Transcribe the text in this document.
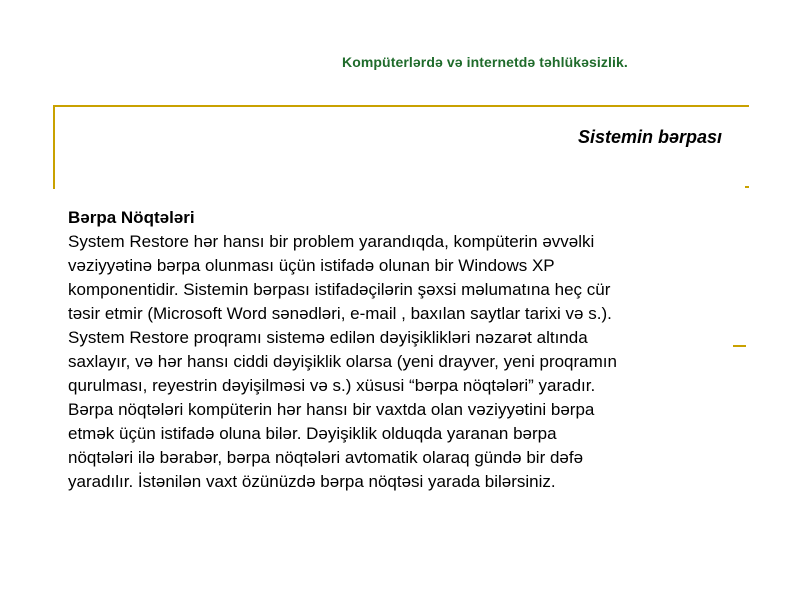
Kompüterlərdə və internetdə təhlükəsizlik.
Sistemin bərpası
Bərpa Nöqtələri
System Restore hər hansı bir problem yarandıqda, kompüterin əvvəlki
vəziyyətinə bərpa olunması üçün istifadə olunan bir Windows XP
komponentidir. Sistemin bərpası istifadəçilərin şəxsi məlumatına heç cür
təsir etmir (Microsoft Word sənədləri, e-mail , baxılan saytlar tarixi və s.).
System Restore proqramı sistemə edilən dəyişiklikləri nəzarət altında
saxlayır, və hər hansı ciddi dəyişiklik olarsa (yeni drayver, yeni proqramın
qurulması, reyestrin dəyişilməsi və s.) xüsusi “bərpa nöqtələri” yaradır.
Bərpa nöqtələri kompüterin hər hansı bir vaxtda olan vəziyyətini bərpa
etmək üçün istifadə oluna bilər. Dəyişiklik olduqda yaranan bərpa
nöqtələri ilə bərabər, bərpa nöqtələri avtomatik olaraq gündə bir dəfə
yaradılır. İstənilən vaxt özünüzdə bərpa nöqtəsi yarada bilərsiniz.
